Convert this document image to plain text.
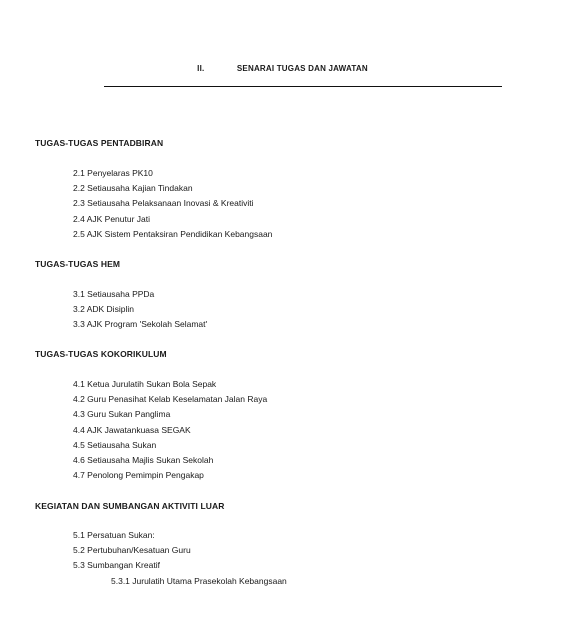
II.	SENARAI TUGAS DAN JAWATAN

TUGAS-TUGAS PENTADBIRAN

2.1 Penyelaras PK10
2.2 Setiausaha Kajian Tindakan
2.3 Setiausaha Pelaksanaan Inovasi & Kreativiti
2.4 AJK Penutur Jati
2.5 AJK Sistem Pentaksiran Pendidikan Kebangsaan

TUGAS-TUGAS HEM

3.1 Setiausaha PPDa
3.2 ADK Disiplin
3.3 AJK Program 'Sekolah Selamat'

TUGAS-TUGAS KOKORIKULUM

4.1 Ketua Jurulatih Sukan Bola Sepak
4.2 Guru Penasihat Kelab Keselamatan Jalan Raya
4.3 Guru Sukan Panglima
4.4 AJK Jawatankuasa SEGAK
4.5 Setiausaha Sukan
4.6 Setiausaha Majlis Sukan Sekolah
4.7 Penolong Pemimpin Pengakap

KEGIATAN DAN SUMBANGAN AKTIVITI LUAR

5.1 Persatuan Sukan:
5.2 Pertubuhan/Kesatuan Guru
5.3 Sumbangan Kreatif
5.3.1 Jurulatih Utama Prasekolah Kebangsaan
